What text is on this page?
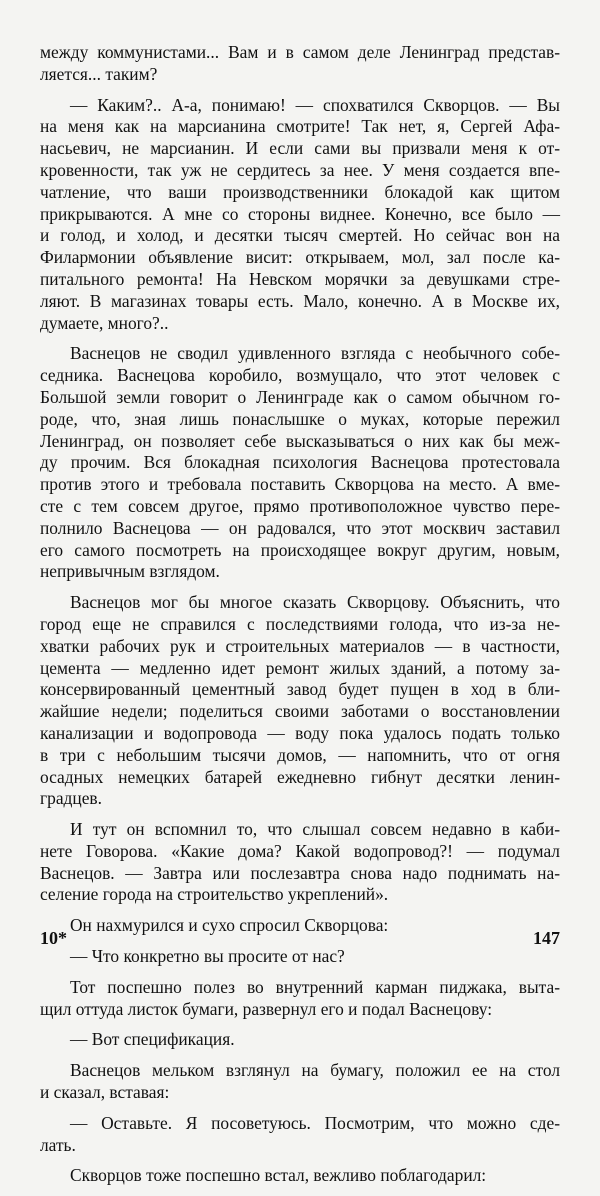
между коммунистами... Вам и в самом деле Ленинград представ-
ляется... таким?
— Каким?.. А-а, понимаю! — спохватился Скворцов. — Вы
на меня как на марсианина смотрите! Так нет, я, Сергей Афа-
насьевич, не марсианин. И если сами вы призвали меня к от-
кровенности, так уж не сердитесь за нее. У меня создается впе-
чатление, что ваши производственники блокадой как щитом
прикрываются. А мне со стороны виднее. Конечно, все было —
и голод, и холод, и десятки тысяч смертей. Но сейчас вон на
Филармонии объявление висит: открываем, мол, зал после ка-
питального ремонта! На Невском морячки за девушками стре-
ляют. В магазинах товары есть. Мало, конечно. А в Москве их,
думаете, много?..
Васнецов не сводил удивленного взгляда с необычного собе-
седника. Васнецова коробило, возмущало, что этот человек с
Большой земли говорит о Ленинграде как о самом обычном го-
роде, что, зная лишь понаслышке о муках, которые пережил
Ленинград, он позволяет себе высказываться о них как бы меж-
ду прочим. Вся блокадная психология Васнецова протестовала
против этого и требовала поставить Скворцова на место. А вме-
сте с тем совсем другое, прямо противоположное чувство пере-
полнило Васнецова — он радовался, что этот москвич заставил
его самого посмотреть на происходящее вокруг другим, новым,
непривычным взглядом.
Васнецов мог бы многое сказать Скворцову. Объяснить, что
город еще не справился с последствиями голода, что из-за не-
хватки рабочих рук и строительных материалов — в частности,
цемента — медленно идет ремонт жилых зданий, а потому за-
консервированный цементный завод будет пущен в ход в бли-
жайшие недели; поделиться своими заботами о восстановлении
канализации и водопровода — воду пока удалось подать только
в три с небольшим тысячи домов, — напомнить, что от огня
осадных немецких батарей ежедневно гибнут десятки ленин-
градцев.
И тут он вспомнил то, что слышал совсем недавно в каби-
нете Говорова. «Какие дома? Какой водопровод?! — подумал
Васнецов. — Завтра или послезавтра снова надо поднимать на-
селение города на строительство укреплений».
Он нахмурился и сухо спросил Скворцова:
— Что конкретно вы просите от нас?
Тот поспешно полез во внутренний карман пиджака, выта-
щил оттуда листок бумаги, развернул его и подал Васнецову:
— Вот спецификация.
Васнецов мельком взглянул на бумагу, положил ее на стол
и сказал, вставая:
— Оставьте. Я посоветуюсь. Посмотрим, что можно сде-
лать.
Скворцов тоже поспешно встал, вежливо поблагодарил:
10*	147
